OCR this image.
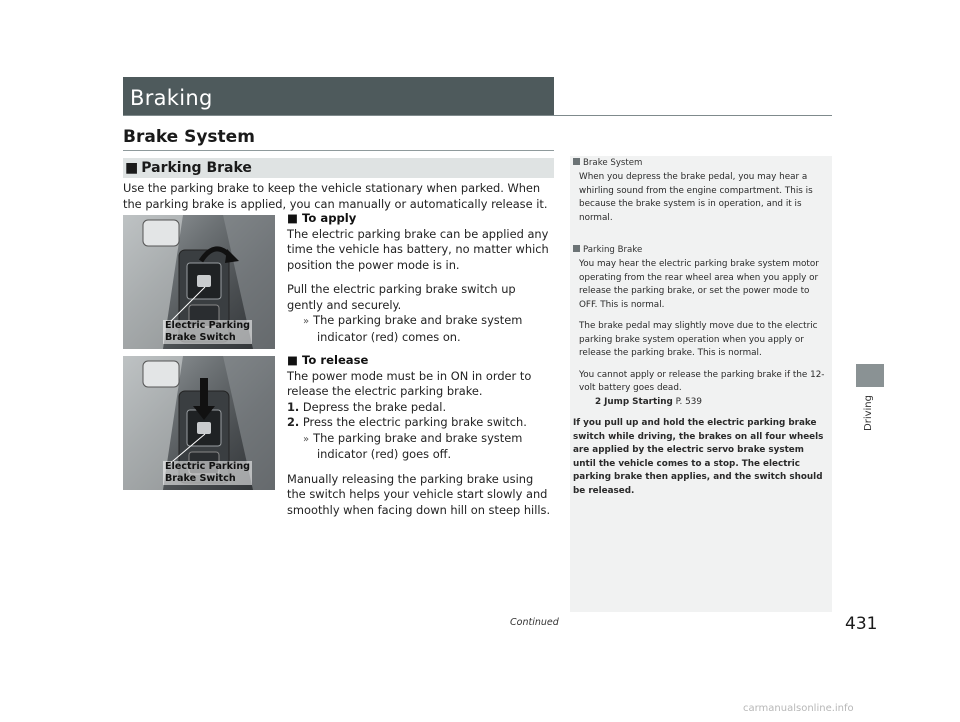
Braking
Brake System
■ Parking Brake
Use the parking brake to keep the vehicle stationary when parked. When the parking brake is applied, you can manually or automatically release it.
Electric Parking
Brake Switch
Electric Parking
Brake Switch
■ To apply
The electric parking brake can be applied any time the vehicle has battery, no matter which position the power mode is in.
Pull the electric parking brake switch up gently and securely.
» The parking brake and brake system indicator (red) comes on.
■ To release
The power mode must be in ON in order to release the electric parking brake.
1. Depress the brake pedal.
2. Press the electric parking brake switch.
» The parking brake and brake system indicator (red) goes off.
Manually releasing the parking brake using the switch helps your vehicle start slowly and smoothly when facing down hill on steep hills.
Brake System
When you depress the brake pedal, you may hear a whirling sound from the engine compartment. This is because the brake system is in operation, and it is normal.
Parking Brake
You may hear the electric parking brake system motor operating from the rear wheel area when you apply or release the parking brake, or set the power mode to OFF. This is normal.
The brake pedal may slightly move due to the electric parking brake system operation when you apply or release the parking brake. This is normal.
You cannot apply or release the parking brake if the 12-volt battery goes dead.
2 Jump Starting P. 539
If you pull up and hold the electric parking brake switch while driving, the brakes on all four wheels are applied by the electric servo brake system until the vehicle comes to a stop. The electric parking brake then applies, and the switch should be released.
Driving
Continued	431
carmanualsonline.info
